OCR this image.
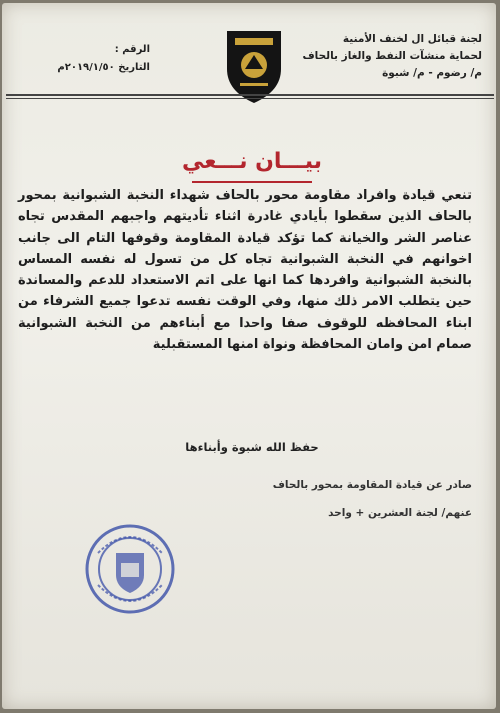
لجنة قبائل ال لخنف الأمنية
لحماية منشآت النفط والغاز بالحاف
م/ رضوم - م/ شبوة
الرقم :
التاريخ ٢٠١٩/١/٥٠م
بيـــان نـــعي
تنعي قيادة وافراد مقاومة محور بالحاف شهداء النخبة الشبوانية بمحور بالحاف الذين سقطوا بأيادي غادرة اثناء تأديتهم واجبهم المقدس تجاه عناصر الشر والخيانة كما تؤكد قيادة المقاومة وقوفها التام الى جانب اخوانهم في النخبة الشبوانية تجاه كل من تسول له نفسه المساس بالنخبة الشبوانية وافردها كما انها على اتم الاستعداد للدعم والمساندة حين يتطلب الامر ذلك منها، وفي الوقت نفسه تدعوا جميع الشرفاء من ابناء المحافظه للوقوف صفا واحدا مع أبناءهم من النخبة الشبوانية صمام امن وامان المحافظة ونواة امنها المستقبلية
حفظ الله شبوة وأبناءها
صادر عن قيادة المقاومة بمحور بالحاف
عنهم/ لجنة العشرين + واحد
